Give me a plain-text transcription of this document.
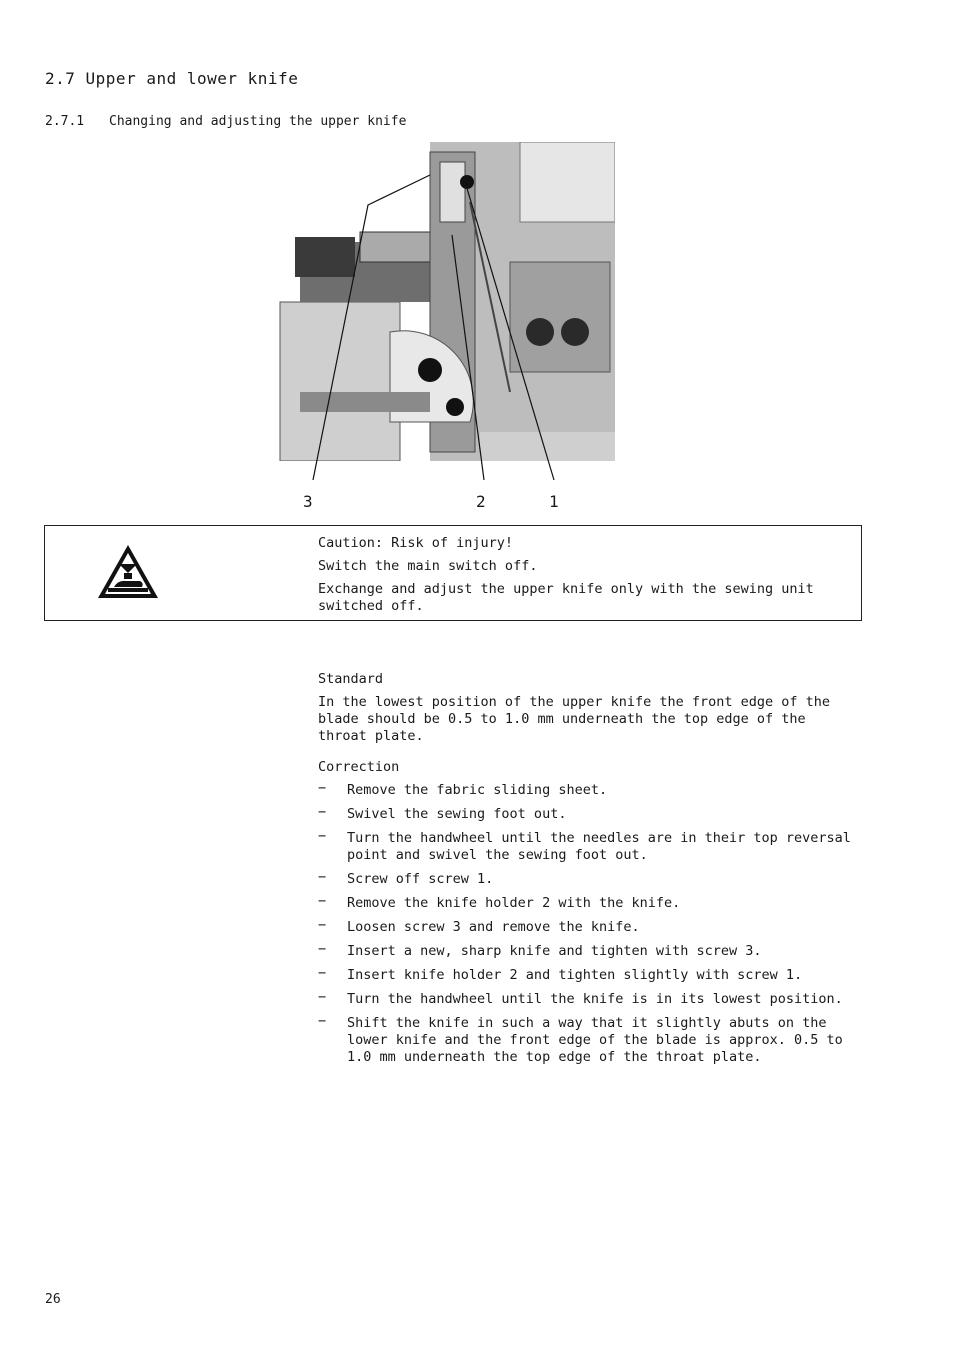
2.7 Upper and lower knife
2.7.1 Changing and adjusting the upper knife
3	2	1
Caution: Risk of injury!
Switch the main switch off.
Exchange and adjust the upper knife only with the sewing unit switched off.
Standard
In the lowest position of the upper knife the front edge of the blade should be 0.5 to 1.0 mm underneath the top edge of the throat plate.
Correction
− Remove the fabric sliding sheet.
− Swivel the sewing foot out.
− Turn the handwheel until the needles are in their top reversal point and swivel the sewing foot out.
− Screw off screw 1.
− Remove the knife holder 2 with the knife.
− Loosen screw 3 and remove the knife.
− Insert a new, sharp knife and tighten with screw 3.
− Insert knife holder 2 and tighten slightly with screw 1.
− Turn the handwheel until the knife is in its lowest position.
− Shift the knife in such a way that it slightly abuts on the lower knife and the front edge of the blade is approx. 0.5 to 1.0 mm underneath the top edge of the throat plate.
26
